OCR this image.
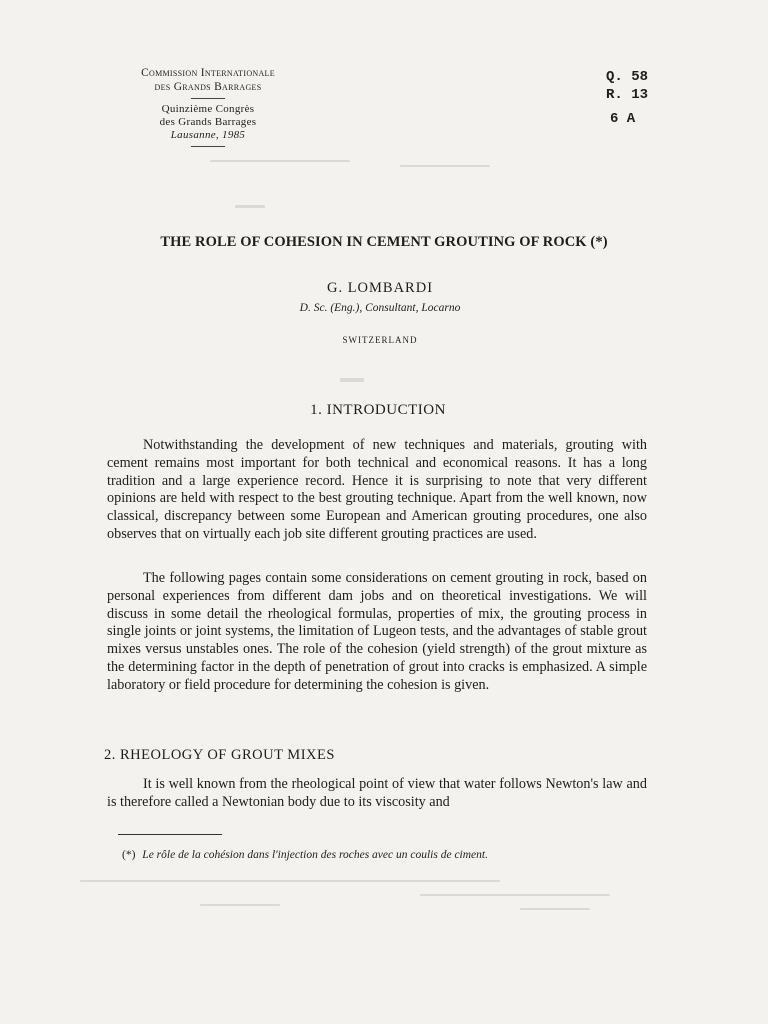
Commission Internationale
des Grands Barrages
Quinzième Congrès
des Grands Barrages
Lausanne, 1985
Q. 58
R. 13
6 A
THE ROLE OF COHESION IN CEMENT GROUTING OF ROCK (*)
G. LOMBARDI
D. Sc. (Eng.), Consultant, Locarno
SWITZERLAND
1. INTRODUCTION

Notwithstanding the development of new techniques and materials, grouting with cement remains most important for both technical and economical reasons. It has a long tradition and a large experience record. Hence it is surprising to note that very different opinions are held with respect to the best grouting technique. Apart from the well known, now classical, discrepancy between some European and American grouting procedures, one also observes that on virtually each job site different grouting practices are used.

The following pages contain some considerations on cement grouting in rock, based on personal experiences from different dam jobs and on theoretical investigations. We will discuss in some detail the rheological formulas, properties of mix, the grouting process in single joints or joint systems, the limitation of Lugeon tests, and the advantages of stable grout mixes versus unstables ones. The role of the cohesion (yield strength) of the grout mixture as the determining factor in the depth of penetration of grout into cracks is emphasized. A simple laboratory or field procedure for determining the cohesion is given.

2. RHEOLOGY OF GROUT MIXES

It is well known from the rheological point of view that water follows Newton's law and is therefore called a Newtonian body due to its viscosity and

(*) Le rôle de la cohésion dans l'injection des roches avec un coulis de ciment.
